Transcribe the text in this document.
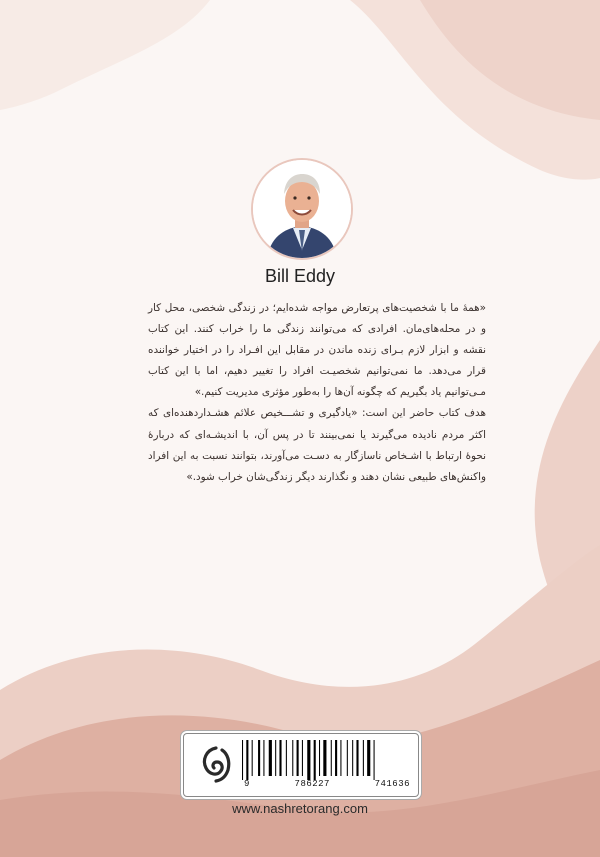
Bill Eddy

«همهٔ ما با شخصیت‌های پرتعارض مواجه شده‌ایم؛ در زندگی شخصی، محل کار و در محله‌های‌مان. افرادی که می‌توانند زندگی ما را خراب کنند. این کتاب نقشه و ابزار لازم بـرای زنده ماندن در مقابل این افـراد را در اختیار خواننده قرار می‌دهد. ما نمی‌توانیم شخصیـت افراد را تغییر دهیم، اما با این کتاب مـی‌توانیم یاد بگیریم که چگونه آن‌ها را به‌طور مؤثری مدیریت کنیم.»

هدف کتاب حاضر این است: «یادگیری و تشـــخیص علائم هشـداردهنده‌ای که اکثر مردم نادیده می‌گیرند یا نمی‌بینند تا در پس آن، با اندیشـه‌ای که دربارهٔ نحوهٔ ارتباط با اشـخاص ناسازگار به دسـت می‌آورند، بتوانند نسبت به این افراد واکنش‌های طبیعی نشان دهند و نگذارند دیگر زندگی‌شان خراب شود.»

9	786227	741636
www.nashretorang.com
